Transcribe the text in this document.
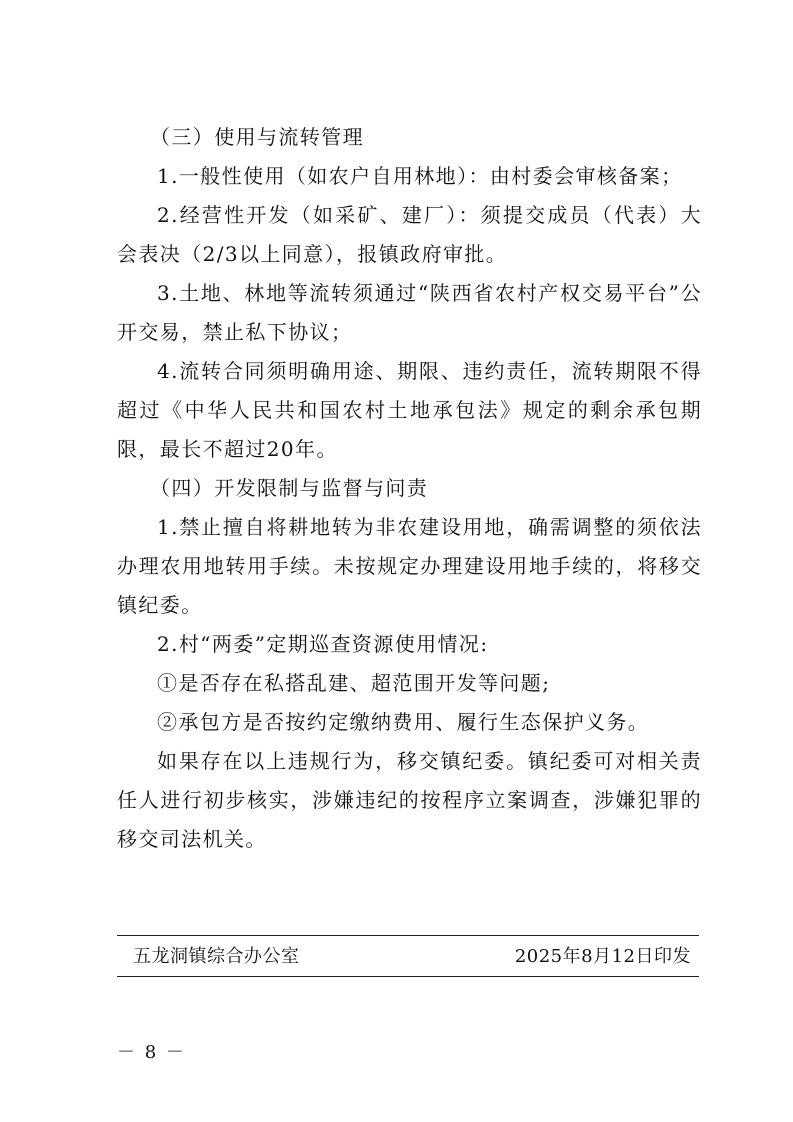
（三）使用与流转管理

1.一般性使用（如农户自用林地）：由村委会审核备案；

2.经营性开发（如采矿、建厂）：须提交成员（代表）大会表决（2/3以上同意），报镇政府审批。

3.土地、林地等流转须通过“陕西省农村产权交易平台”公开交易，禁止私下协议；

4.流转合同须明确用途、期限、违约责任，流转期限不得超过《中华人民共和国农村土地承包法》规定的剩余承包期限，最长不超过20年。

（四）开发限制与监督与问责

1.禁止擅自将耕地转为非农建设用地，确需调整的须依法办理农用地转用手续。未按规定办理建设用地手续的，将移交镇纪委。

2.村“两委”定期巡查资源使用情况:

①是否存在私搭乱建、超范围开发等问题;

②承包方是否按约定缴纳费用、履行生态保护义务。

如果存在以上违规行为，移交镇纪委。镇纪委可对相关责任人进行初步核实，涉嫌违纪的按程序立案调查，涉嫌犯罪的移交司法机关。

五龙洞镇综合办公室	2025年8月12日印发
－ 8 －
